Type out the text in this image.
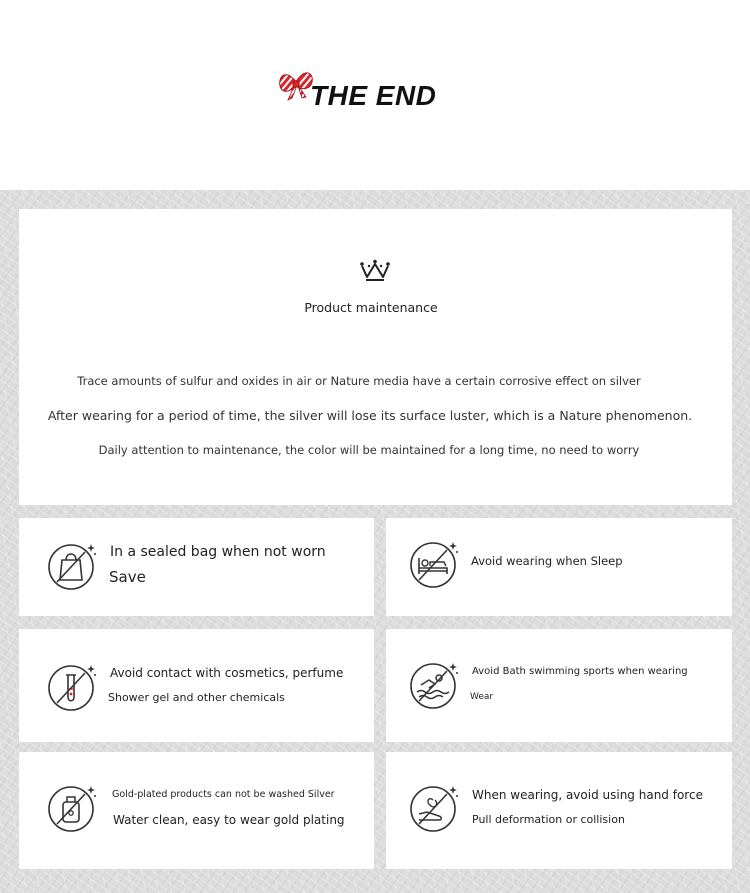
THE END
Product maintenance
Trace amounts of sulfur and oxides in air or Nature media have a certain corrosive effect on silver
After wearing for a period of time, the silver will lose its surface luster, which is a Nature phenomenon.
Daily attention to maintenance, the color will be maintained for a long time, no need to worry
In a sealed bag when not worn
Save
Avoid wearing when Sleep
Avoid contact with cosmetics, perfume
Shower gel and other chemicals
Avoid Bath swimming sports when wearing
Wear
Gold-plated products can not be washed Silver
Water clean, easy to wear gold plating
When wearing, avoid using hand force
Pull deformation or collision
